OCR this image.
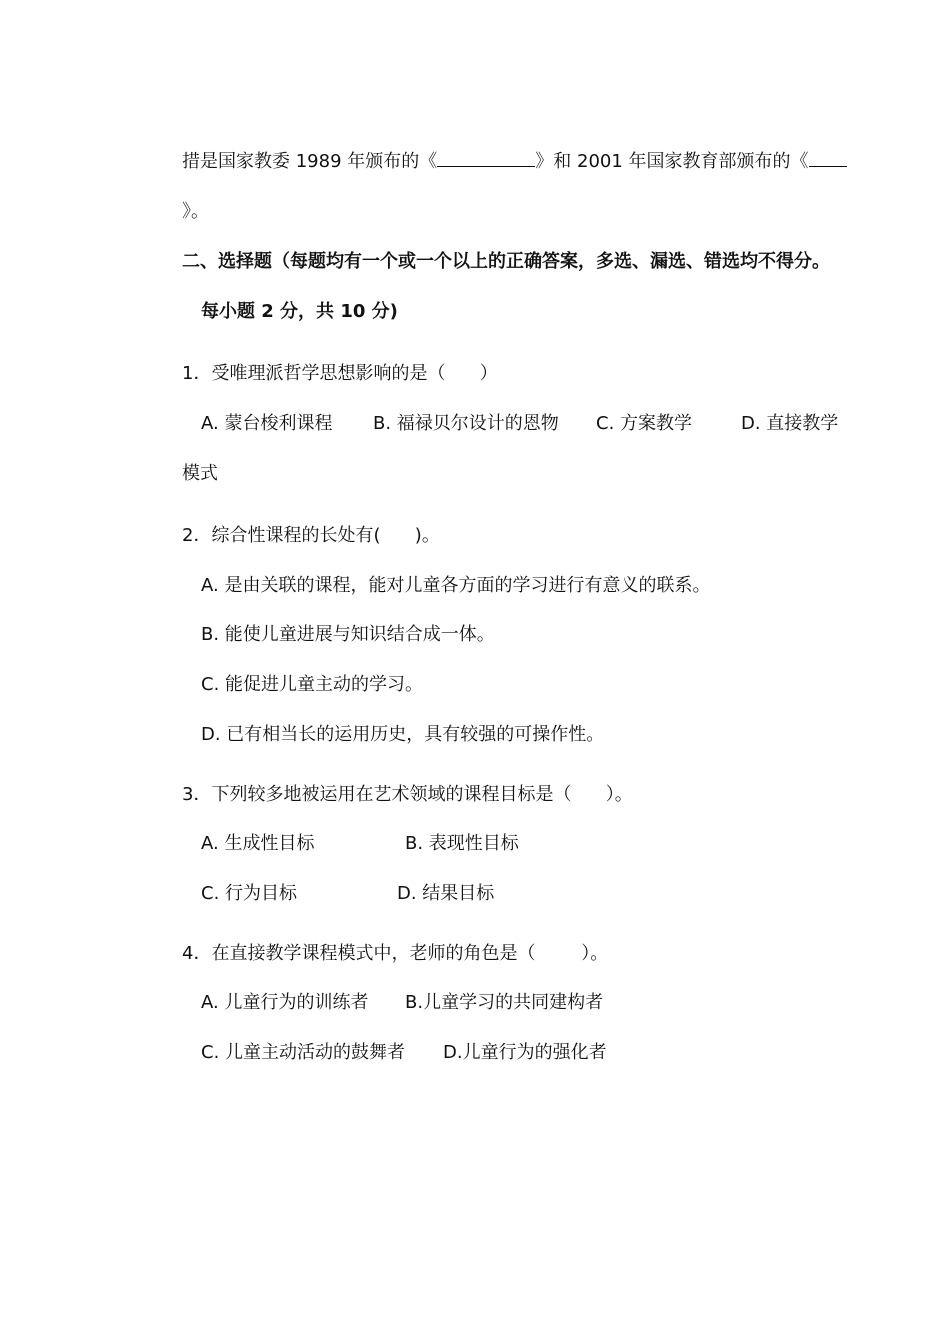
措是国家教委 1989 年颁布的《	》和 2001 年国家教育部颁布的《
》。
二、选择题（每题均有一个或一个以上的正确答案，多选、漏选、错选均不得分。
每小题 2 分，共 10 分)
1．受唯理派哲学思想影响的是（      ）
A. 蒙台梭利课程 B. 福禄贝尔设计的恩物 C. 方案教学	D. 直接教学
模式
2．综合性课程的长处有(      )。
A. 是由关联的课程，能对儿童各方面的学习进行有意义的联系。
B. 能使儿童进展与知识结合成一体。
C. 能促进儿童主动的学习。
D. 已有相当长的运用历史，具有较强的可操作性。
3．下列较多地被运用在艺术领域的课程目标是（      ）。
A. 生成性目标	B. 表现性目标
C. 行为目标	D. 结果目标
4．在直接教学课程模式中，老师的角色是（        ）。
A. 儿童行为的训练者 B.儿童学习的共同建构者
C. 儿童主动活动的鼓舞者 D.儿童行为的强化者
